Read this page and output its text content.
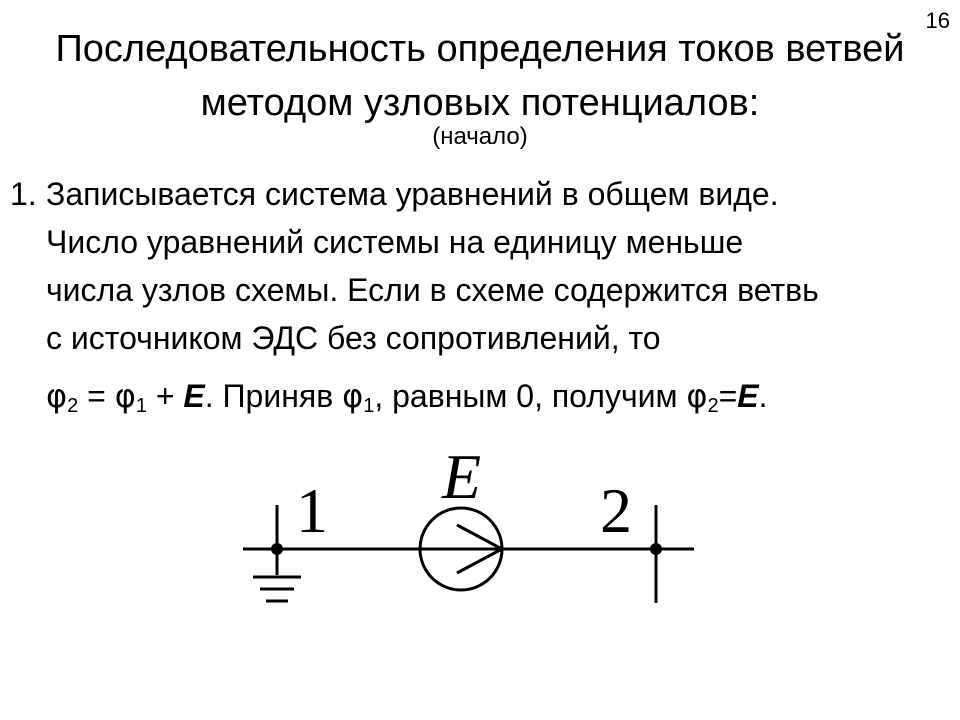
16
Последовательность определения токов ветвей методом узловых потенциалов:
(начало)
1. Записывается система уравнений в общем виде.
Число уравнений системы на единицу меньше
числа узлов схемы. Если в схеме содержится ветвь
с источником ЭДС без сопротивлений, то
$\varphi_2 = \varphi_1 + E$. Приняв $\varphi_1$, равным 0, получим $\varphi_2=E$.
E
1	2
